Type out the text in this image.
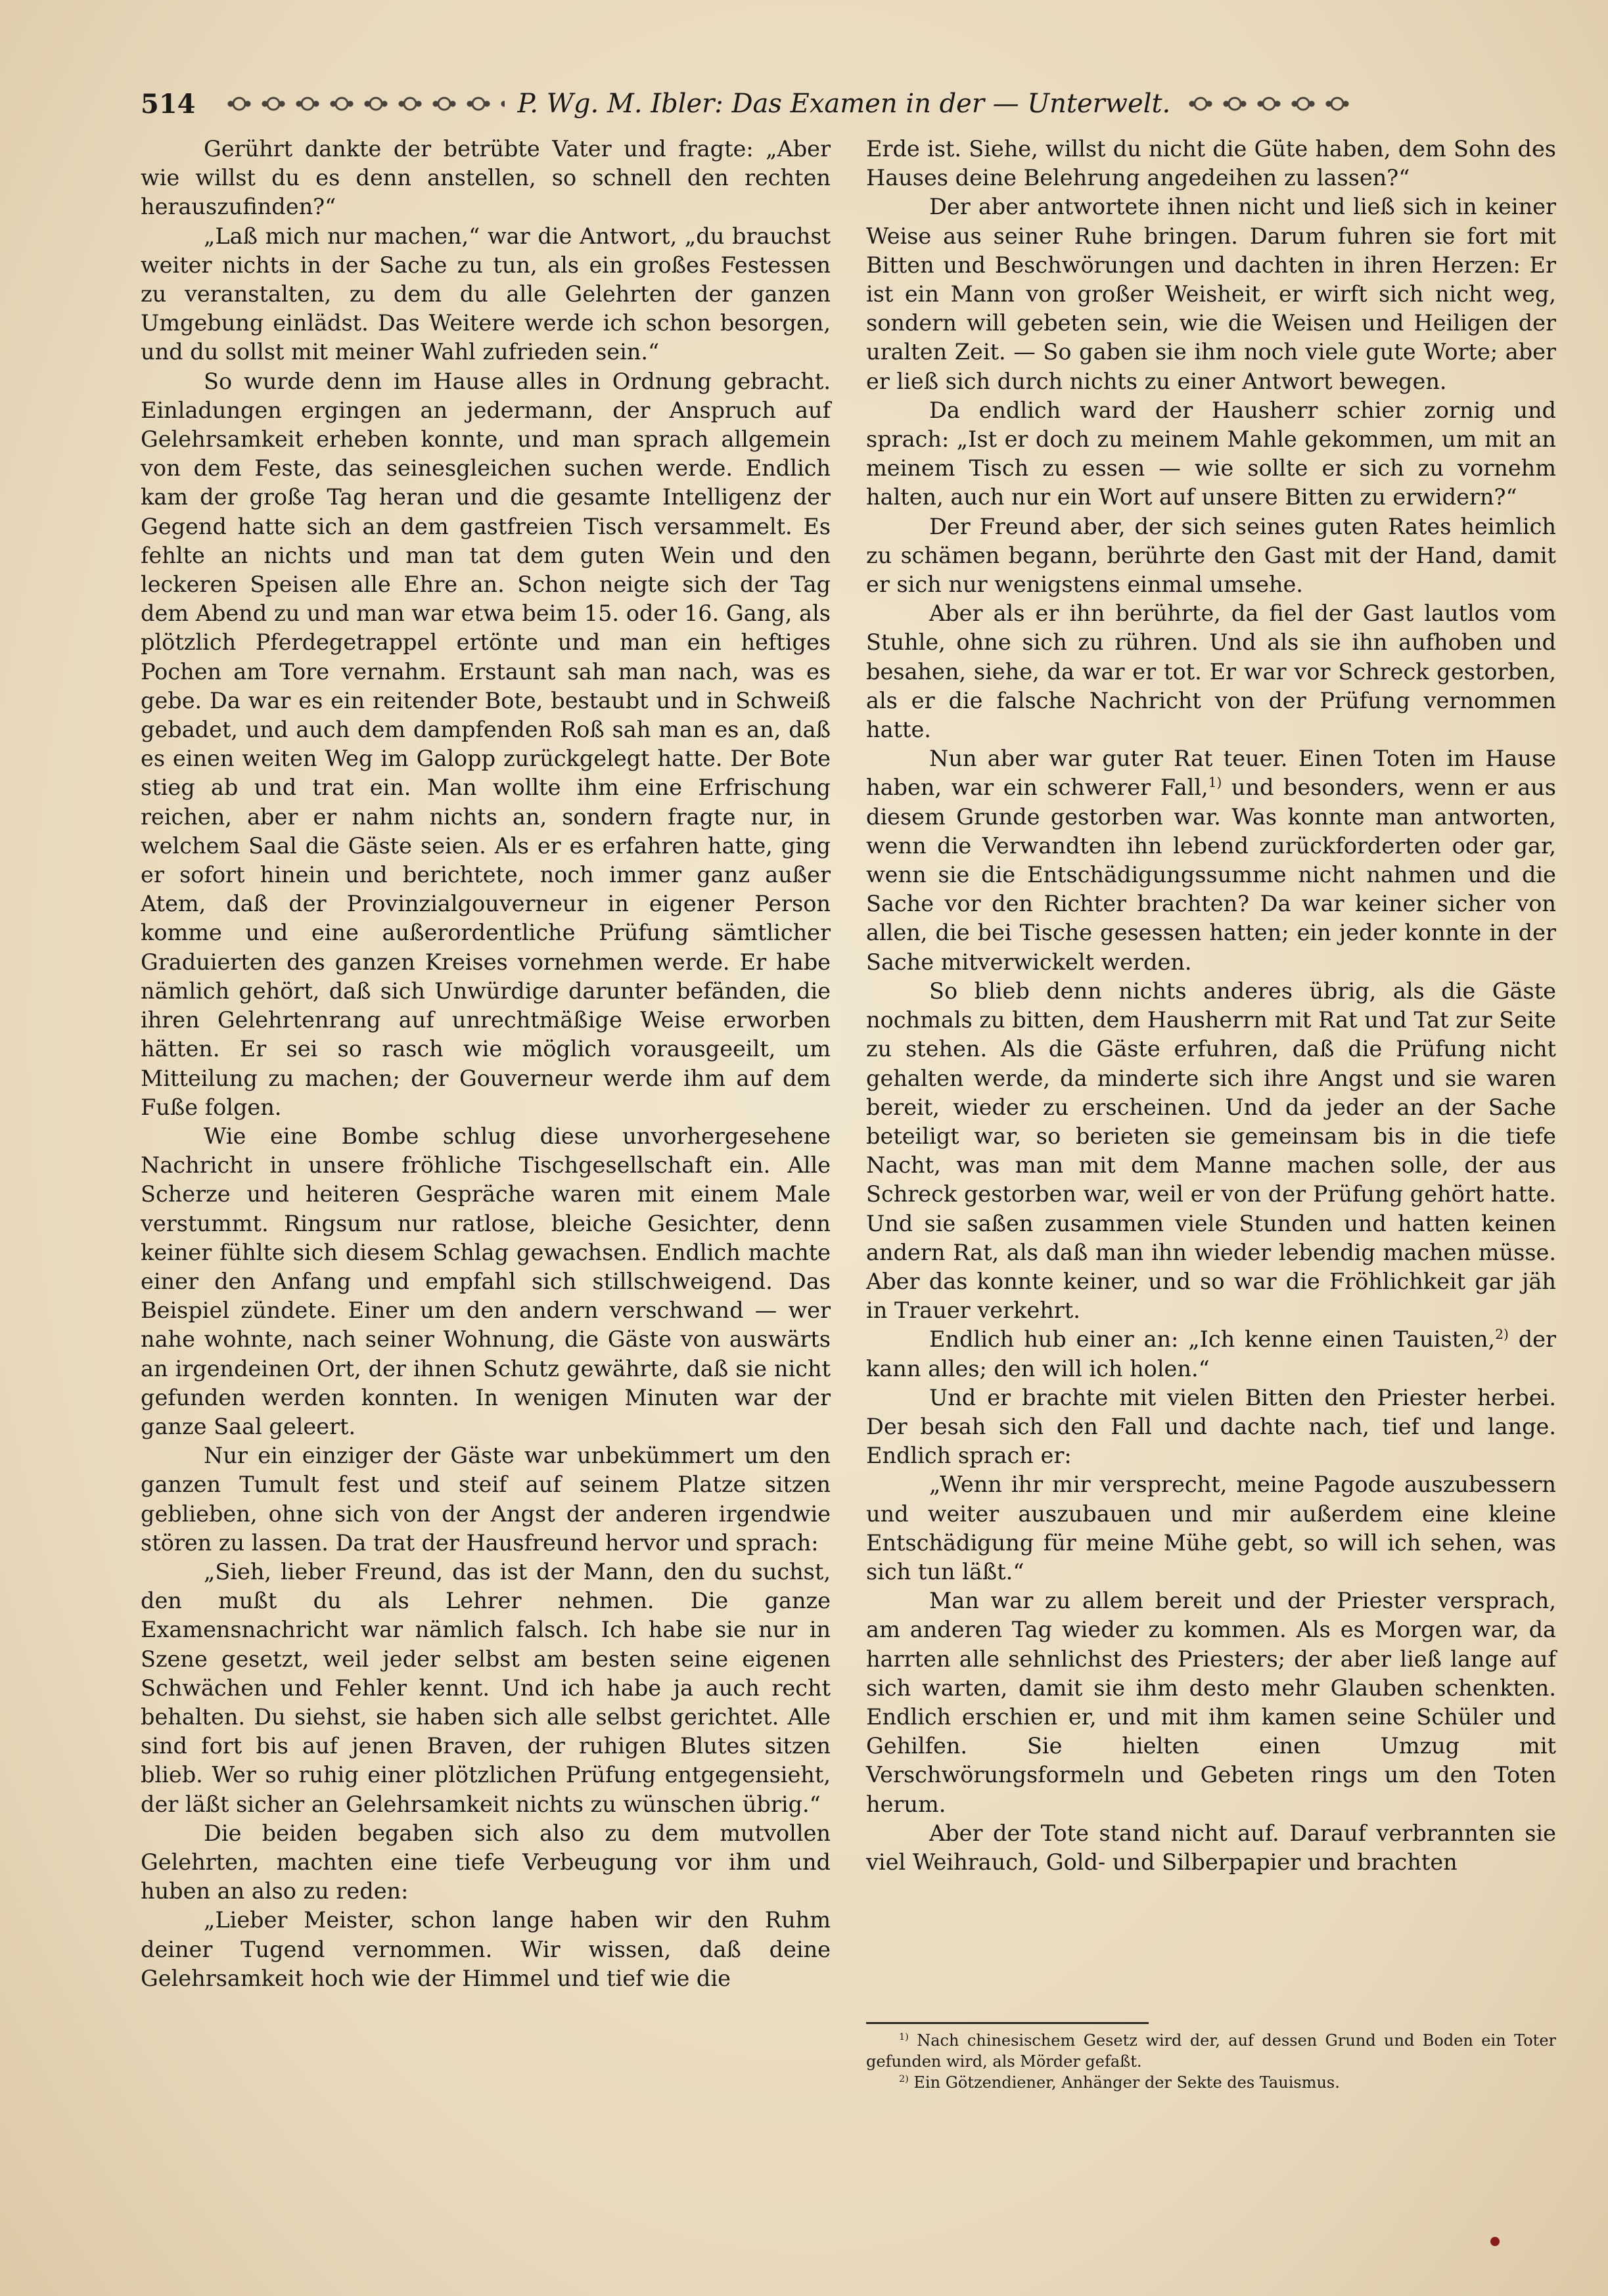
514	P. Wg. M. Ibler: Das Examen in der — Unterwelt.

Gerührt dankte der betrübte Vater und fragte: „Aber wie willst du es denn anstellen, so schnell den rechten herauszufinden?“

„Laß mich nur machen,“ war die Antwort, „du brauchst weiter nichts in der Sache zu tun, als ein großes Festessen zu veranstalten, zu dem du alle Gelehrten der ganzen Umgebung einlädst. Das Weitere werde ich schon besorgen, und du sollst mit meiner Wahl zufrieden sein.“

So wurde denn im Hause alles in Ordnung gebracht. Einladungen ergingen an jedermann, der Anspruch auf Gelehrsamkeit erheben konnte, und man sprach allgemein von dem Feste, das seinesgleichen suchen werde. Endlich kam der große Tag heran und die gesamte Intelligenz der Gegend hatte sich an dem gastfreien Tisch versammelt. Es fehlte an nichts und man tat dem guten Wein und den leckeren Speisen alle Ehre an. Schon neigte sich der Tag dem Abend zu und man war etwa beim 15. oder 16. Gang, als plötzlich Pferdegetrappel ertönte und man ein heftiges Pochen am Tore vernahm. Erstaunt sah man nach, was es gebe. Da war es ein reitender Bote, bestaubt und in Schweiß gebadet, und auch dem dampfenden Roß sah man es an, daß es einen weiten Weg im Galopp zurückgelegt hatte. Der Bote stieg ab und trat ein. Man wollte ihm eine Erfrischung reichen, aber er nahm nichts an, sondern fragte nur, in welchem Saal die Gäste seien. Als er es erfahren hatte, ging er sofort hinein und berichtete, noch immer ganz außer Atem, daß der Provinzialgouverneur in eigener Person komme und eine außerordentliche Prüfung sämtlicher Graduierten des ganzen Kreises vornehmen werde. Er habe nämlich gehört, daß sich Unwürdige darunter befänden, die ihren Gelehrtenrang auf unrechtmäßige Weise erworben hätten. Er sei so rasch wie möglich vorausgeeilt, um Mitteilung zu machen; der Gouverneur werde ihm auf dem Fuße folgen.

Wie eine Bombe schlug diese unvorhergesehene Nachricht in unsere fröhliche Tischgesellschaft ein. Alle Scherze und heiteren Gespräche waren mit einem Male verstummt. Ringsum nur ratlose, bleiche Gesichter, denn keiner fühlte sich diesem Schlag gewachsen. Endlich machte einer den Anfang und empfahl sich stillschweigend. Das Beispiel zündete. Einer um den andern verschwand — wer nahe wohnte, nach seiner Wohnung, die Gäste von auswärts an irgendeinen Ort, der ihnen Schutz gewährte, daß sie nicht gefunden werden konnten. In wenigen Minuten war der ganze Saal geleert.

Nur ein einziger der Gäste war unbekümmert um den ganzen Tumult fest und steif auf seinem Platze sitzen geblieben, ohne sich von der Angst der anderen irgendwie stören zu lassen. Da trat der Hausfreund hervor und sprach:

„Sieh, lieber Freund, das ist der Mann, den du suchst, den mußt du als Lehrer nehmen. Die ganze Examensnachricht war nämlich falsch. Ich habe sie nur in Szene gesetzt, weil jeder selbst am besten seine eigenen Schwächen und Fehler kennt. Und ich habe ja auch recht behalten. Du siehst, sie haben sich alle selbst gerichtet. Alle sind fort bis auf jenen Braven, der ruhigen Blutes sitzen blieb. Wer so ruhig einer plötzlichen Prüfung entgegensieht, der läßt sicher an Gelehrsamkeit nichts zu wünschen übrig.“

Die beiden begaben sich also zu dem mutvollen Gelehrten, machten eine tiefe Verbeugung vor ihm und huben an also zu reden:

„Lieber Meister, schon lange haben wir den Ruhm deiner Tugend vernommen. Wir wissen, daß deine Gelehrsamkeit hoch wie der Himmel und tief wie die

Erde ist. Siehe, willst du nicht die Güte haben, dem Sohn des Hauses deine Belehrung angedeihen zu lassen?“

Der aber antwortete ihnen nicht und ließ sich in keiner Weise aus seiner Ruhe bringen. Darum fuhren sie fort mit Bitten und Beschwörungen und dachten in ihren Herzen: Er ist ein Mann von großer Weisheit, er wirft sich nicht weg, sondern will gebeten sein, wie die Weisen und Heiligen der uralten Zeit. — So gaben sie ihm noch viele gute Worte; aber er ließ sich durch nichts zu einer Antwort bewegen.

Da endlich ward der Hausherr schier zornig und sprach: „Ist er doch zu meinem Mahle gekommen, um mit an meinem Tisch zu essen — wie sollte er sich zu vornehm halten, auch nur ein Wort auf unsere Bitten zu erwidern?“

Der Freund aber, der sich seines guten Rates heimlich zu schämen begann, berührte den Gast mit der Hand, damit er sich nur wenigstens einmal umsehe.

Aber als er ihn berührte, da fiel der Gast lautlos vom Stuhle, ohne sich zu rühren. Und als sie ihn aufhoben und besahen, siehe, da war er tot. Er war vor Schreck gestorben, als er die falsche Nachricht von der Prüfung vernommen hatte.

Nun aber war guter Rat teuer. Einen Toten im Hause haben, war ein schwerer Fall,$^{1)}$ und besonders, wenn er aus diesem Grunde gestorben war. Was konnte man antworten, wenn die Verwandten ihn lebend zurückforderten oder gar, wenn sie die Entschädigungssumme nicht nahmen und die Sache vor den Richter brachten? Da war keiner sicher von allen, die bei Tische gesessen hatten; ein jeder konnte in der Sache mitverwickelt werden.

So blieb denn nichts anderes übrig, als die Gäste nochmals zu bitten, dem Hausherrn mit Rat und Tat zur Seite zu stehen. Als die Gäste erfuhren, daß die Prüfung nicht gehalten werde, da minderte sich ihre Angst und sie waren bereit, wieder zu erscheinen. Und da jeder an der Sache beteiligt war, so berieten sie gemeinsam bis in die tiefe Nacht, was man mit dem Manne machen solle, der aus Schreck gestorben war, weil er von der Prüfung gehört hatte. Und sie saßen zusammen viele Stunden und hatten keinen andern Rat, als daß man ihn wieder lebendig machen müsse. Aber das konnte keiner, und so war die Fröhlichkeit gar jäh in Trauer verkehrt.

Endlich hub einer an: „Ich kenne einen Tauisten,$^{2)}$ der kann alles; den will ich holen.“

Und er brachte mit vielen Bitten den Priester herbei. Der besah sich den Fall und dachte nach, tief und lange. Endlich sprach er:

„Wenn ihr mir versprecht, meine Pagode auszubessern und weiter auszubauen und mir außerdem eine kleine Entschädigung für meine Mühe gebt, so will ich sehen, was sich tun läßt.“

Man war zu allem bereit und der Priester versprach, am anderen Tag wieder zu kommen. Als es Morgen war, da harrten alle sehnlichst des Priesters; der aber ließ lange auf sich warten, damit sie ihm desto mehr Glauben schenkten. Endlich erschien er, und mit ihm kamen seine Schüler und Gehilfen. Sie hielten einen Umzug mit Verschwörungsformeln und Gebeten rings um den Toten herum.

Aber der Tote stand nicht auf. Darauf verbrannten sie viel Weihrauch, Gold- und Silberpapier und brachten

$^{1)}$ Nach chinesischem Gesetz wird der, auf dessen Grund und Boden ein Toter gefunden wird, als Mörder gefaßt.

$^{2)}$ Ein Götzendiener, Anhänger der Sekte des Tauismus.
